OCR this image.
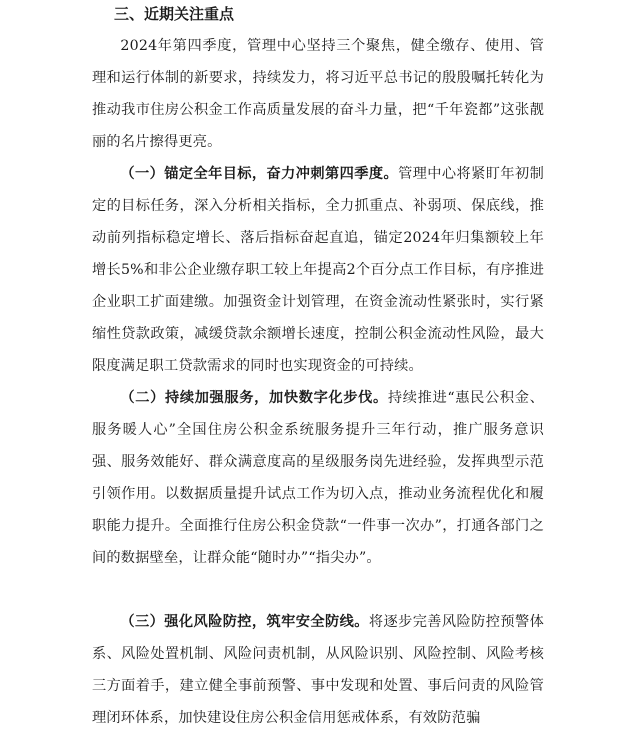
三、近期关注重点

2024年第四季度，管理中心坚持三个聚焦，健全缴存、使用、管理和运行体制的新要求，持续发力，将习近平总书记的殷殷嘱托转化为推动我市住房公积金工作高质量发展的奋斗力量，把“千年瓷都”这张靓丽的名片擦得更亮。

（一）锚定全年目标，奋力冲刺第四季度。管理中心将紧盯年初制定的目标任务，深入分析相关指标，全力抓重点、补弱项、保底线，推动前列指标稳定增长、落后指标奋起直追，锚定2024年归集额较上年增长5%和非公企业缴存职工较上年提高2个百分点工作目标，有序推进企业职工扩面建缴。加强资金计划管理，在资金流动性紧张时，实行紧缩性贷款政策，减缓贷款余额增长速度，控制公积金流动性风险，最大限度满足职工贷款需求的同时也实现资金的可持续。

（二）持续加强服务，加快数字化步伐。持续推进“惠民公积金、服务暖人心”全国住房公积金系统服务提升三年行动，推广服务意识强、服务效能好、群众满意度高的星级服务岗先进经验，发挥典型示范引领作用。以数据质量提升试点工作为切入点，推动业务流程优化和履职能力提升。全面推行住房公积金贷款“一件事一次办”，打通各部门之间的数据壁垒，让群众能“随时办”“指尖办”。

（三）强化风险防控，筑牢安全防线。将逐步完善风险防控预警体系、风险处置机制、风险问责机制，从风险识别、风险控制、风险考核三方面着手，建立健全事前预警、事中发现和处置、事后问责的风险管理闭环体系，加快建设住房公积金信用惩戒体系，有效防范骗
